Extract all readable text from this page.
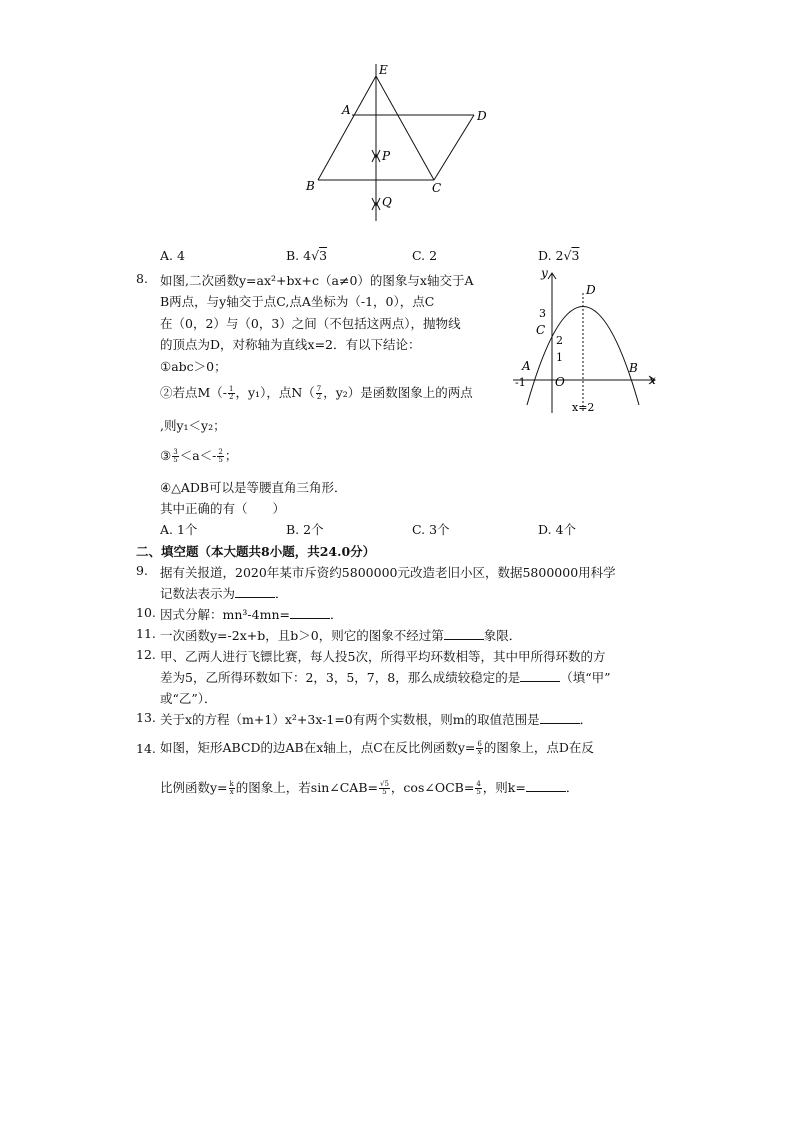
E
A	D
P
B	C
Q
A. 4	B. 4√3	C. 2	D. 2√3
8. 如图,二次函数y=ax²+bx+c（a≠0）的图象与x轴交于A
B两点，与y轴交于点C,点A坐标为（-1，0），点C
在（0，2）与（0，3）之间（不包括这两点），抛物线
的顶点为D，对称轴为直线x=2．有以下结论：
①abc＞0；
②若点$M(- \frac{1}{2}$ ，y₁），点$N( \frac{7}{2}$ ，y₂）是函数图象上的两点
,则y₁＜y₂；
③ $\frac{3}{5} <a<- \frac{2}{5}$ ；
④△ADB可以是等腰直角三角形．
其中正确的有（　　）
A. 1个	B. 2个	C. 3个	D. 4个
y
x
D
3
C
2
1
A
-1 O
B
x=2
二、填空题（本大题共8小题，共24.0分）
9. 据有关报道，2020年某市斥资约5800000元改造老旧小区，数据5800000用科学
记数法表示为	．
10. 因式分解：mn³-4mn=	．
11. 一次函数y=-2x+b，且b＞0，则它的图象不经过第	象限．
12. 甲、乙两人进行飞镖比赛，每人投5次，所得平均环数相等，其中甲所得环数的方
差为5，乙所得环数如下：2，3，5，7，8，那么成绩较稳定的是	（填“甲”
或“乙”）．
13. 关于x的方程（m+1）x²+3x-1=0有两个实数根，则m的取值范围是	．
14. 如图，矩形ABCD的边AB在x轴上，点C在反比例函数$y= \frac{6}{x}$ 的图象上，点D在反
比例函数$y= \frac{k}{x}$ 的图象上，若sin∠CAB= $\frac{√5}{5}$ ，cos∠OCB= $\frac{4}{5}$ ，则k=	．
